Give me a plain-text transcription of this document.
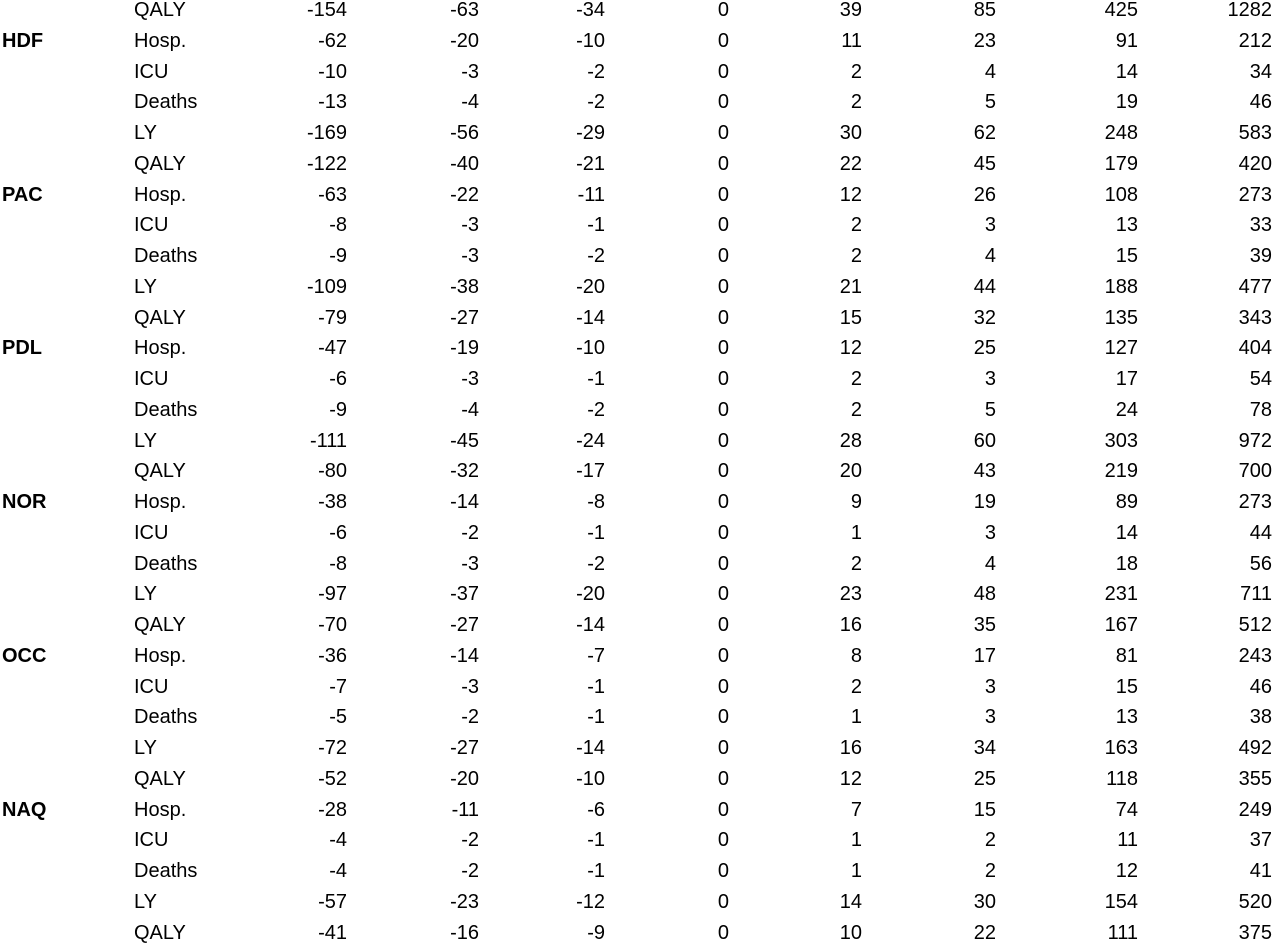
QALY	-154	-63	-34	0	39	85	425	1282
HDF	Hosp.	-62	-20	-10	0	11	23	91	212
ICU	-10	-3	-2	0	2	4	14	34
Deaths	-13	-4	-2	0	2	5	19	46
LY	-169	-56	-29	0	30	62	248	583
QALY	-122	-40	-21	0	22	45	179	420
PAC	Hosp.	-63	-22	-11	0	12	26	108	273
ICU	-8	-3	-1	0	2	3	13	33
Deaths	-9	-3	-2	0	2	4	15	39
LY	-109	-38	-20	0	21	44	188	477
QALY	-79	-27	-14	0	15	32	135	343
PDL	Hosp.	-47	-19	-10	0	12	25	127	404
ICU	-6	-3	-1	0	2	3	17	54
Deaths	-9	-4	-2	0	2	5	24	78
LY	-111	-45	-24	0	28	60	303	972
QALY	-80	-32	-17	0	20	43	219	700
NOR	Hosp.	-38	-14	-8	0	9	19	89	273
ICU	-6	-2	-1	0	1	3	14	44
Deaths	-8	-3	-2	0	2	4	18	56
LY	-97	-37	-20	0	23	48	231	711
QALY	-70	-27	-14	0	16	35	167	512
OCC	Hosp.	-36	-14	-7	0	8	17	81	243
ICU	-7	-3	-1	0	2	3	15	46
Deaths	-5	-2	-1	0	1	3	13	38
LY	-72	-27	-14	0	16	34	163	492
QALY	-52	-20	-10	0	12	25	118	355
NAQ	Hosp.	-28	-11	-6	0	7	15	74	249
ICU	-4	-2	-1	0	1	2	11	37
Deaths	-4	-2	-1	0	1	2	12	41
LY	-57	-23	-12	0	14	30	154	520
QALY	-41	-16	-9	0	10	22	111	375
